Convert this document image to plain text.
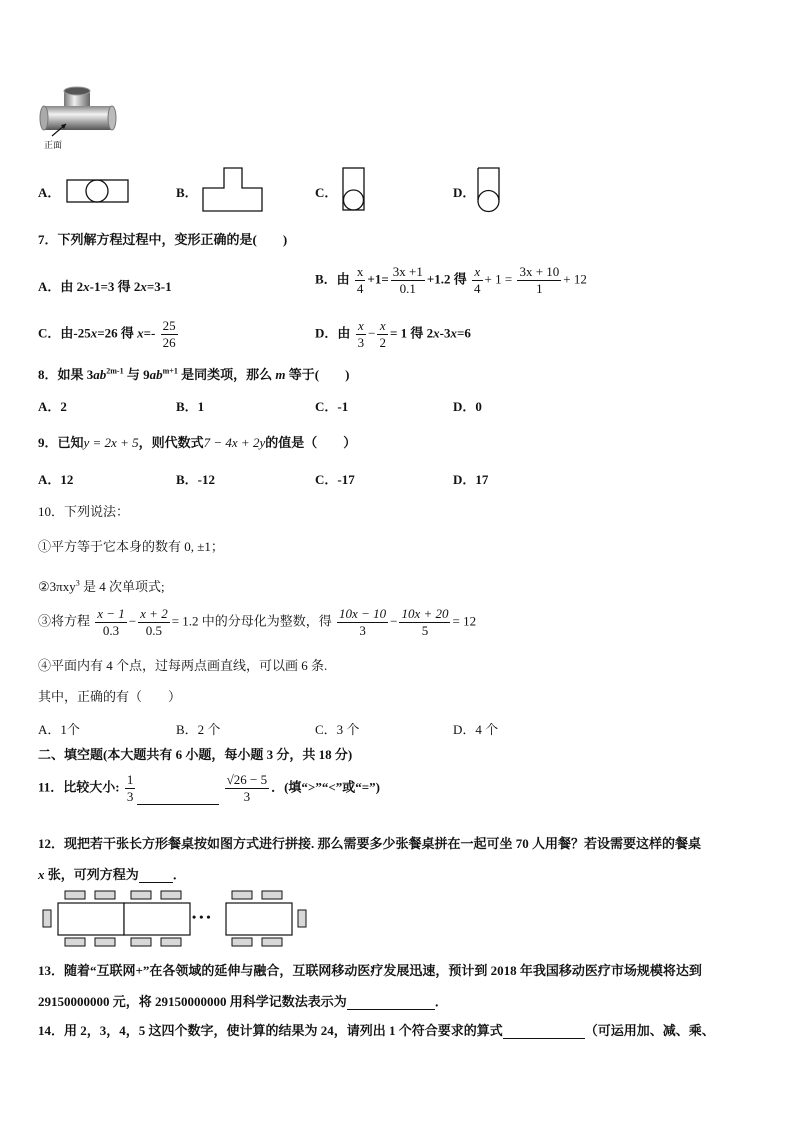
正面
A．	B．	C．	D．
7．下列解方程过程中，变形正确的是(　　)
A．由 2x-1=3 得 2x=3-1
B．由 $\frac{x}{4} +1= \frac{3x +1}{0.1} +1.2$ 得 $\frac{x}{4} + 1 = \frac{3x + 10}{1} + 12$
C．由-25x=26 得 $x=- \frac{25}{26}$	D．由 $\frac{x}{3} - \frac{x}{2} = 1$ 得 2x-3x=6
8．如果 $3ab^{2m-1}$ 与 $9ab^{m+1}$ 是同类项，那么 m 等于(　　)
A．2	B．1	C．-1	D．0
9．已知y = 2x + 5，则代数式7 − 4x + 2y的值是（　　）
A．12	B．-12	C．-17	D．17
10．下列说法：
①平方等于它本身的数有 0, ±1；
②3πxy$^3$ 是 4 次单项式;
③将方程 $\frac{x - 1}{0.3} - \frac{x + 2}{0.5} = 1.2$ 中的分母化为整数，得 $\frac{10x - 10}{3} - \frac{10x + 20}{5} = 12$
④平面内有 4 个点，过每两点画直线，可以画 6 条.
其中，正确的有（　　）
A．1个	B．2 个	C．3 个	D．4 个
二、填空题(本大题共有 6 小题，每小题 3 分，共 18 分)
11．比较大小: $\frac{1}{3}$
	$\frac{√26 - 5}{3}$ ．(填“>”“<”或“=”)
12．现把若干张长方形餐桌按如图方式进行拼接. 那么需要多少张餐桌拼在一起可坐 70 人用餐？若设需要这样的餐桌
x 张，可列方程为	．
• • •
13．随着“互联网+”在各领域的延伸与融合，互联网移动医疗发展迅速，预计到 2018 年我国移动医疗市场规模将达到
29150000000 元，将 29150000000 用科学记数法表示为	．
14．用 2，3，4，5 这四个数字，使计算的结果为 24，请列出 1 个符合要求的算式	（可运用加、减、乘、
